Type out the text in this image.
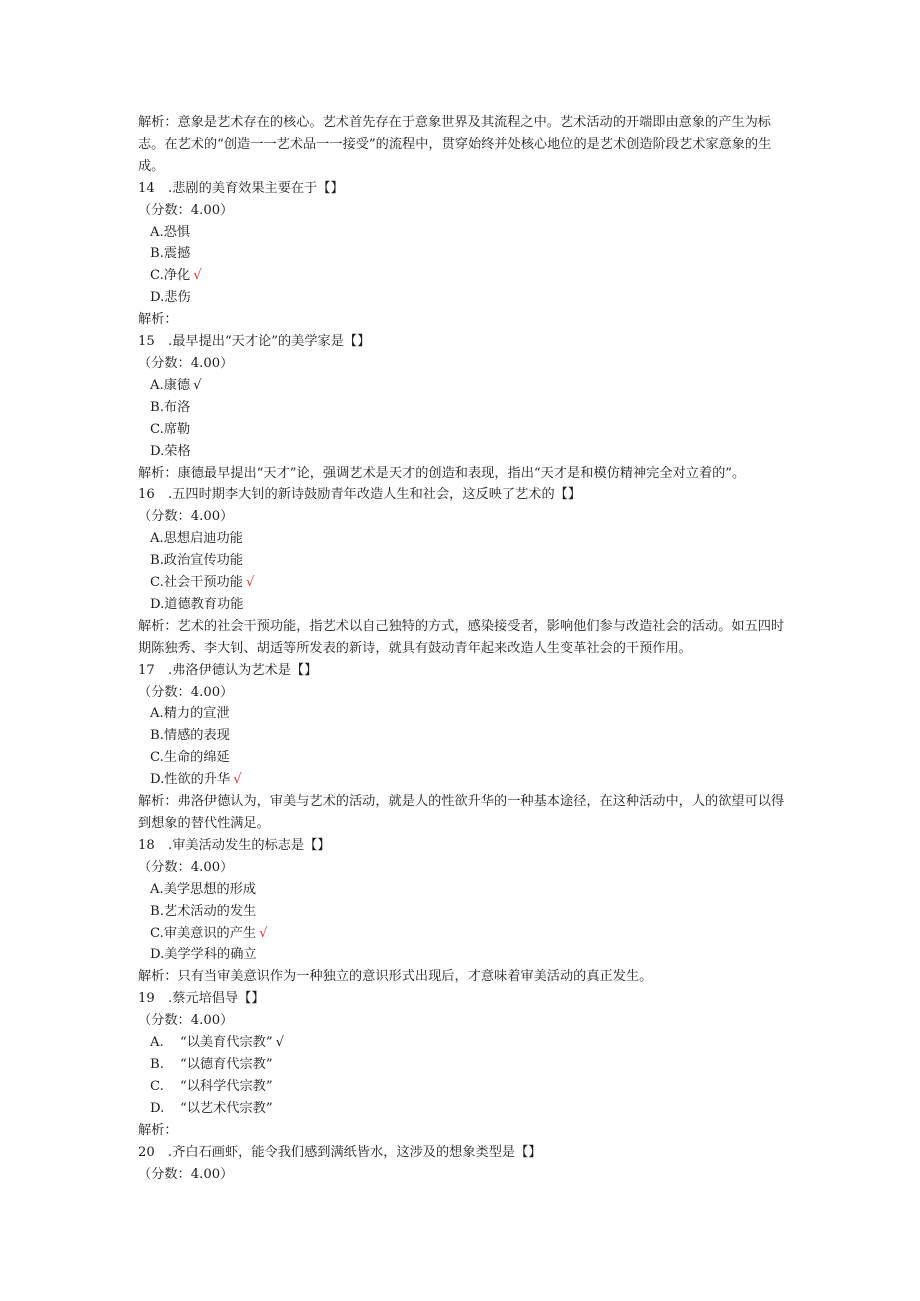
解析：意象是艺术存在的核心。艺术首先存在于意象世界及其流程之中。艺术活动的开端即由意象的产生为标志。在艺术的“创造一一艺术品一一接受”的流程中，贯穿始终并处核心地位的是艺术创造阶段艺术家意象的生成。
14 .悲剧的美育效果主要在于【】
（分数：4.00）
A.恐惧
B.震撼
C.净化 √
D.悲伤
解析：
15 .最早提出“天才论”的美学家是【】
（分数：4.00）
A.康德 √
B.布洛
C.席勒
D.荣格
解析：康德最早提出“天才”论，强调艺术是天才的创造和表现，指出“天才是和模仿精神完全对立着的”。
16 .五四时期李大钊的新诗鼓励青年改造人生和社会，这反映了艺术的【】
（分数：4.00）
A.思想启迪功能
B.政治宣传功能
C.社会干预功能 √
D.道德教育功能
解析：艺术的社会干预功能，指艺术以自己独特的方式，感染接受者，影响他们参与改造社会的活动。如五四时期陈独秀、李大钊、胡适等所发表的新诗，就具有鼓动青年起来改造人生变革社会的干预作用。
17 .弗洛伊德认为艺术是【】
（分数：4.00）
A.精力的宣泄
B.情感的表现
C.生命的绵延
D.性欲的升华 √
解析：弗洛伊德认为，审美与艺术的活动，就是人的性欲升华的一种基本途径，在这种活动中，人的欲望可以得到想象的替代性满足。
18 .审美活动发生的标志是【】
（分数：4.00）
A.美学思想的形成
B.艺术活动的发生
C.审美意识的产生 √
D.美学学科的确立
解析：只有当审美意识作为一种独立的意识形式出现后，才意味着审美活动的真正发生。
19 .蔡元培倡导【】
（分数：4.00）
A. “以美育代宗教” √
B. “以德育代宗教”
C. “以科学代宗教”
D. “以艺术代宗教”
解析：
20 .齐白石画虾，能令我们感到满纸皆水，这涉及的想象类型是【】
（分数：4.00）
